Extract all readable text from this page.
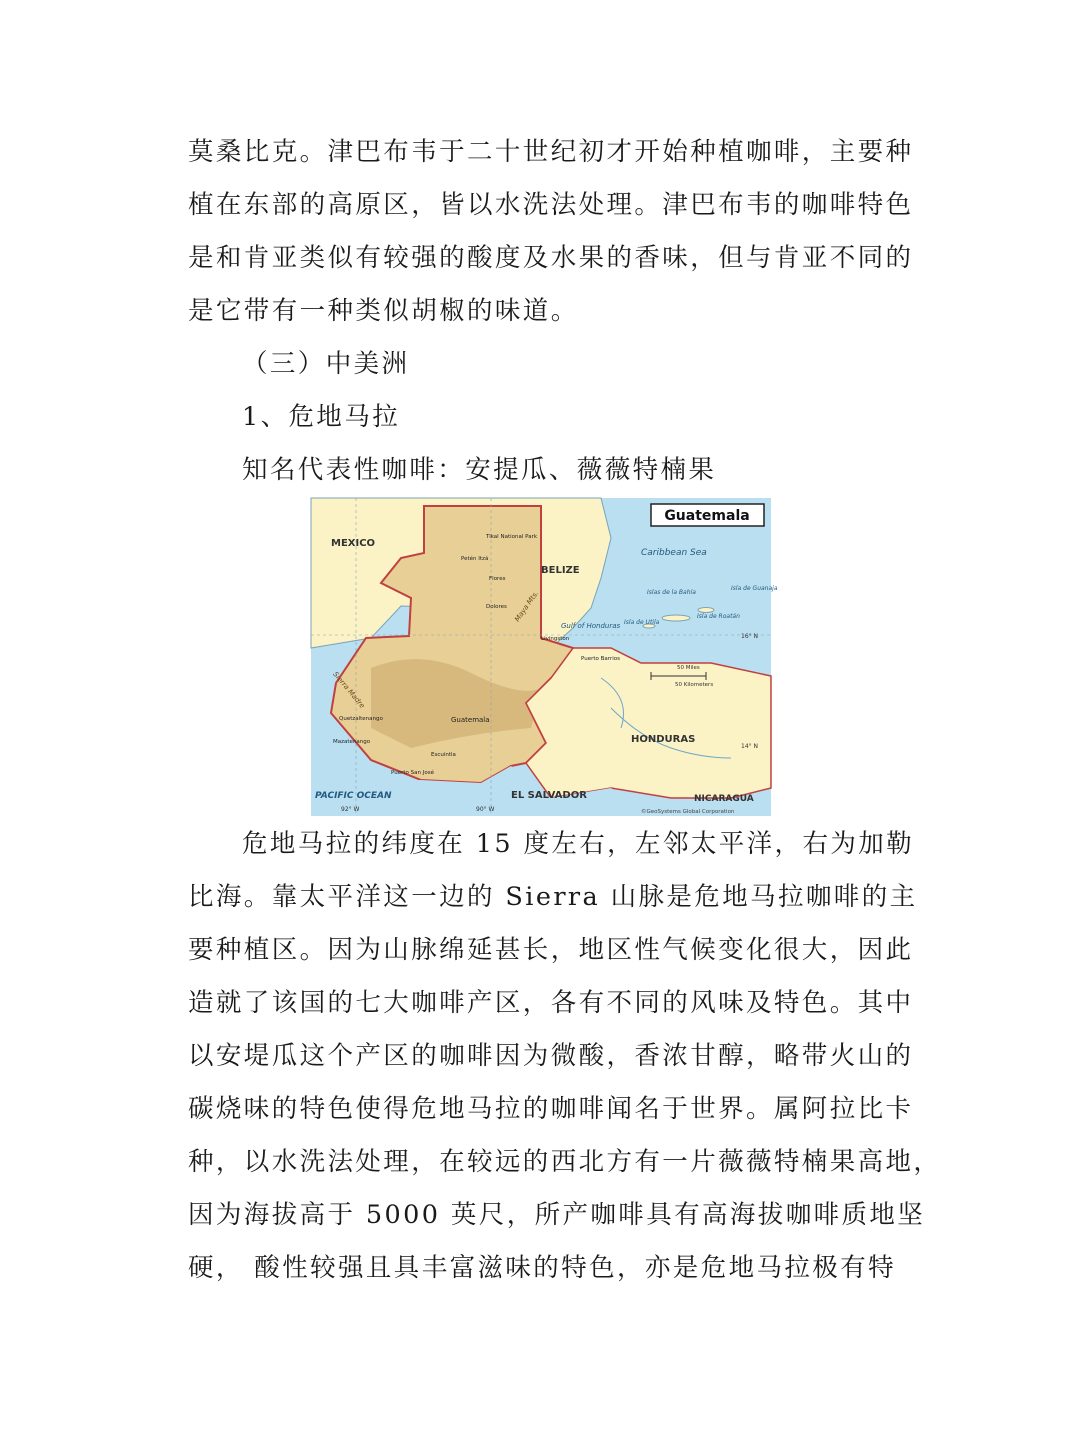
莫桑比克。津巴布韦于二十世纪初才开始种植咖啡，主要种
植在东部的高原区，皆以水洗法处理。津巴布韦的咖啡特色
是和肯亚类似有较强的酸度及水果的香味，但与肯亚不同的
是它带有一种类似胡椒的味道。
（三）中美洲
1、危地马拉
知名代表性咖啡：安提瓜、薇薇特楠果
Guatemala
MEXICO
BELIZE
Caribbean Sea
Islas de la Bahía
Isla de Guanaja
Isla de Roatán
Isla de Utila
Gulf of Honduras
HONDURAS
EL SALVADOR	NICARAGUA
PACIFIC OCEAN
Maya Mts.
Sierra Madre
Guatemala
Tikal National Park
Petén Itzá
Flores
Dolores
Livingston
Puerto Barrios
Quetzaltenango
Mazatenango
Escuintla
Puerto San José
16° N
14° N
92° W	90° W
50 Miles
50 Kilometers
©GeoSystems Global Corporation
危地马拉的纬度在 15 度左右，左邻太平洋，右为加勒
比海。靠太平洋这一边的 Sierra 山脉是危地马拉咖啡的主
要种植区。因为山脉绵延甚长，地区性气候变化很大，因此
造就了该国的七大咖啡产区，各有不同的风味及特色。其中
以安堤瓜这个产区的咖啡因为微酸，香浓甘醇，略带火山的
碳烧味的特色使得危地马拉的咖啡闻名于世界。属阿拉比卡
种，以水洗法处理，在较远的西北方有一片薇薇特楠果高地，
因为海拔高于 5000 英尺，所产咖啡具有高海拔咖啡质地坚
硬， 酸性较强且具丰富滋味的特色，亦是危地马拉极有特
